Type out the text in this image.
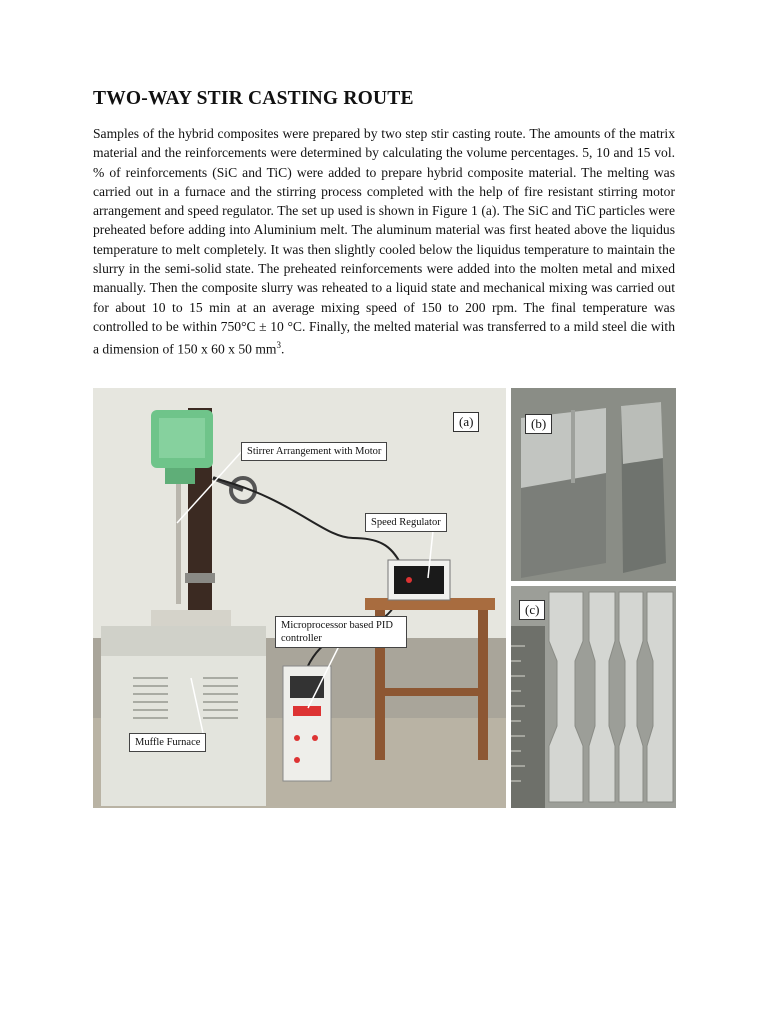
TWO-WAY STIR CASTING ROUTE

Samples of the hybrid composites were prepared by two step stir casting route. The amounts of the matrix material and the reinforcements were determined by calculating the volume percentages. 5, 10 and 15 vol. % of reinforcements (SiC and TiC) were added to prepare hybrid composite material. The melting was carried out in a furnace and the stirring process completed with the help of fire resistant stirring motor arrangement and speed regulator. The set up used is shown in Figure 1 (a). The SiC and TiC particles were preheated before adding into Aluminium melt. The aluminum material was first heated above the liquidus temperature to melt completely. It was then slightly cooled below the liquidus temperature to maintain the slurry in the semi-solid state. The preheated reinforcements were added into the molten metal and mixed manually. Then the composite slurry was reheated to a liquid state and mechanical mixing was carried out for about 10 to 15 min at an average mixing speed of 150 to 200 rpm. The final temperature was controlled to be within 750°C ± 10 °C. Finally, the melted material was transferred to a mild steel die with a dimension of 150 x 60 x 50 $mm^3$.

(a)
Stirrer Arrangement with Motor
Speed Regulator
Microprocessor based PID controller
Muffle Furnace
(b)
(c)
